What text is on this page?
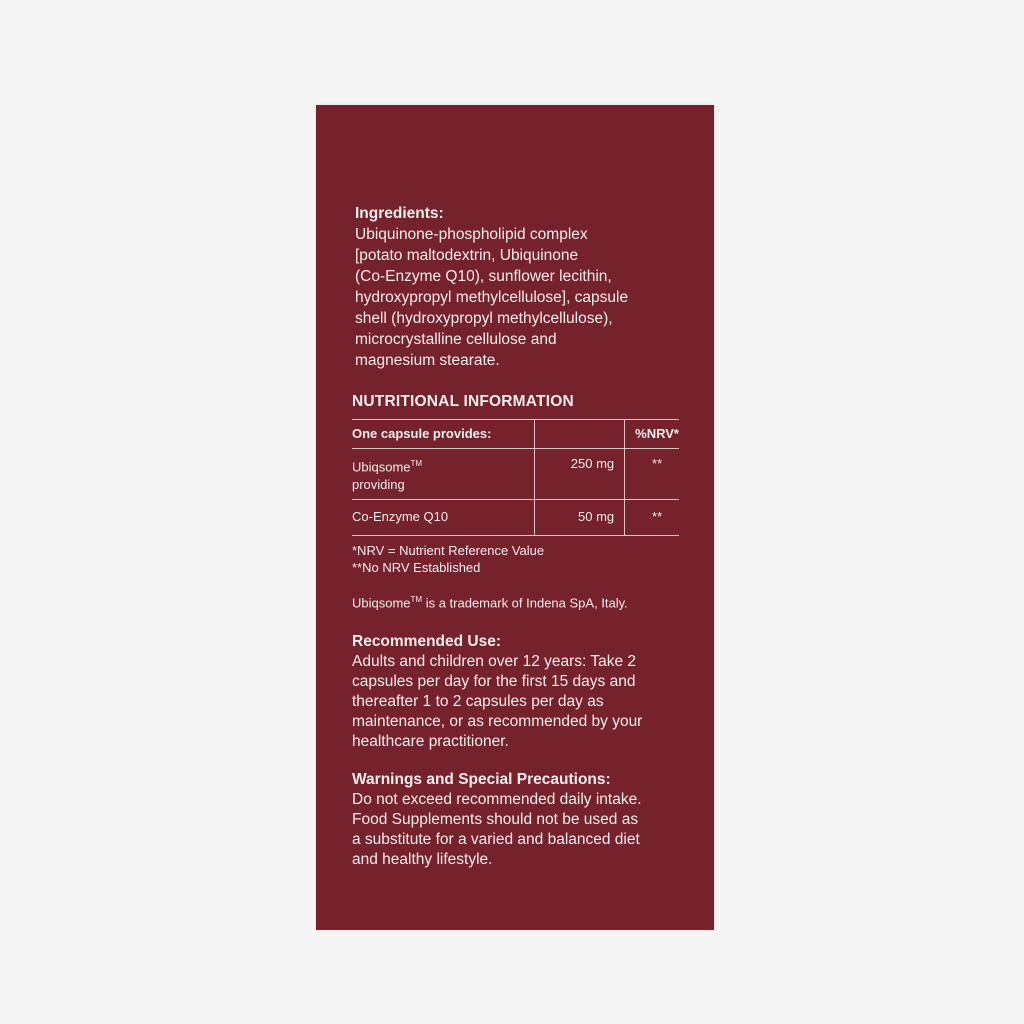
Ingredients:
Ubiquinone-phospholipid complex
[potato maltodextrin, Ubiquinone
(Co-Enzyme Q10), sunflower lecithin,
hydroxypropyl methylcellulose], capsule
shell (hydroxypropyl methylcellulose),
microcrystalline cellulose and
magnesium stearate.
NUTRITIONAL INFORMATION
One capsule provides:		%NRV*
Ubiqsome™
providing	250 mg	**
Co-Enzyme Q10	50 mg	**
*NRV = Nutrient Reference Value
**No NRV Established
Ubiqsome™ is a trademark of Indena SpA, Italy.
Recommended Use:
Adults and children over 12 years: Take 2
capsules per day for the first 15 days and
thereafter 1 to 2 capsules per day as
maintenance, or as recommended by your
healthcare practitioner.
Warnings and Special Precautions:
Do not exceed recommended daily intake.
Food Supplements should not be used as
a substitute for a varied and balanced diet
and healthy lifestyle.
